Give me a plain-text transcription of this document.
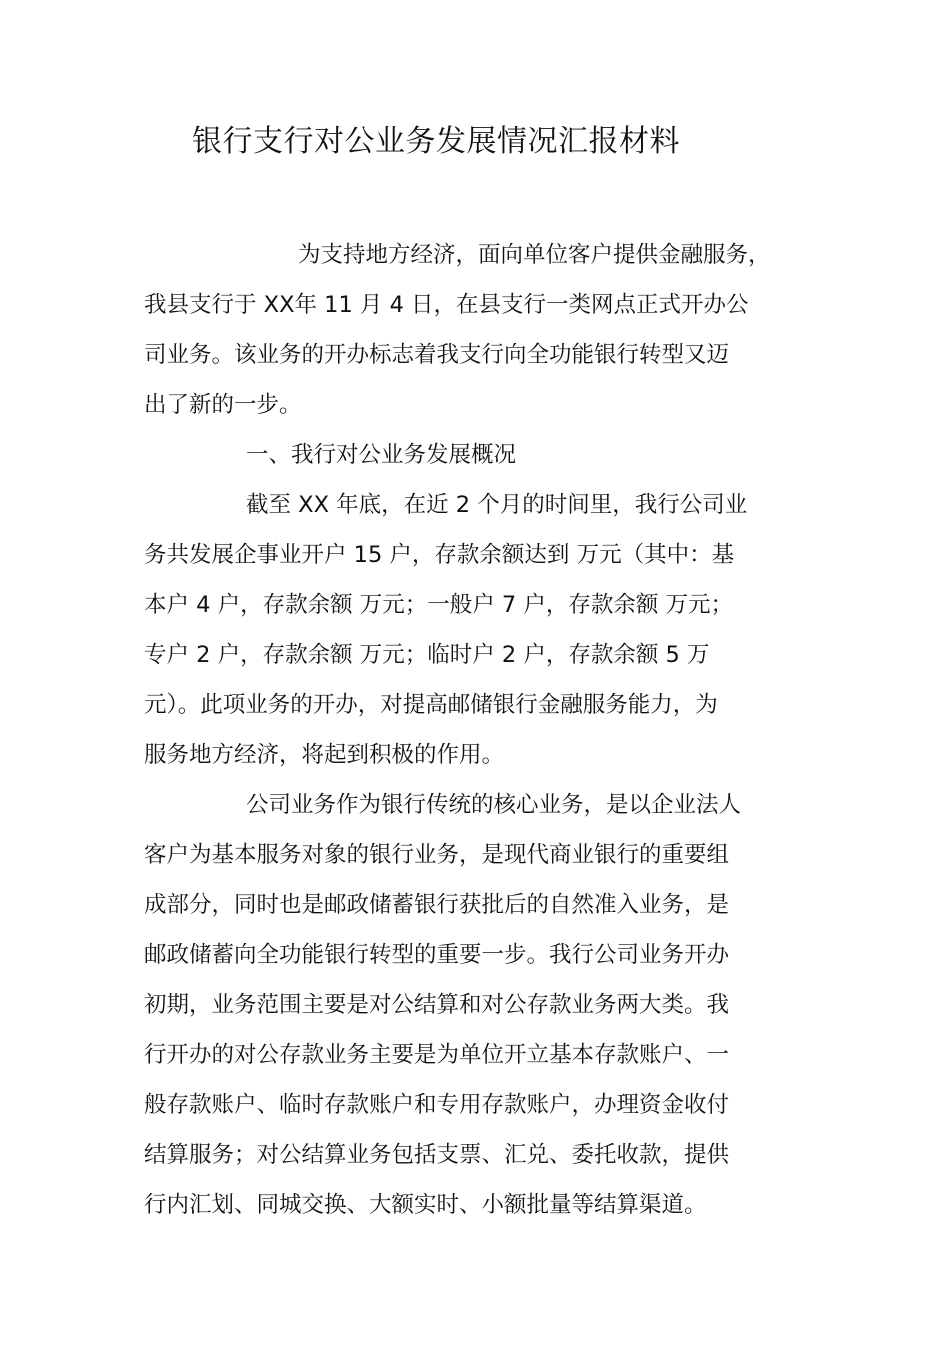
银行支行对公业务发展情况汇报材料
为支持地方经济，面向单位客户提供金融服务，
我县支行于 XX年 11 月 4 日，在县支行一类网点正式开办公
司业务。该业务的开办标志着我支行向全功能银行转型又迈
出了新的一步。
一、我行对公业务发展概况
截至 XX 年底，在近 2 个月的时间里，我行公司业
务共发展企事业开户 15 户，存款余额达到 万元（其中：基
本户 4 户，存款余额 万元；一般户 7 户，存款余额 万元；
专户 2 户，存款余额 万元；临时户 2 户，存款余额 5 万
元）。此项业务的开办，对提高邮储银行金融服务能力，为
服务地方经济，将起到积极的作用。
公司业务作为银行传统的核心业务，是以企业法人
客户为基本服务对象的银行业务，是现代商业银行的重要组
成部分，同时也是邮政储蓄银行获批后的自然准入业务，是
邮政储蓄向全功能银行转型的重要一步。我行公司业务开办
初期，业务范围主要是对公结算和对公存款业务两大类。我
行开办的对公存款业务主要是为单位开立基本存款账户、一
般存款账户、临时存款账户和专用存款账户，办理资金收付
结算服务；对公结算业务包括支票、汇兑、委托收款，提供
行内汇划、同城交换、大额实时、小额批量等结算渠道。
